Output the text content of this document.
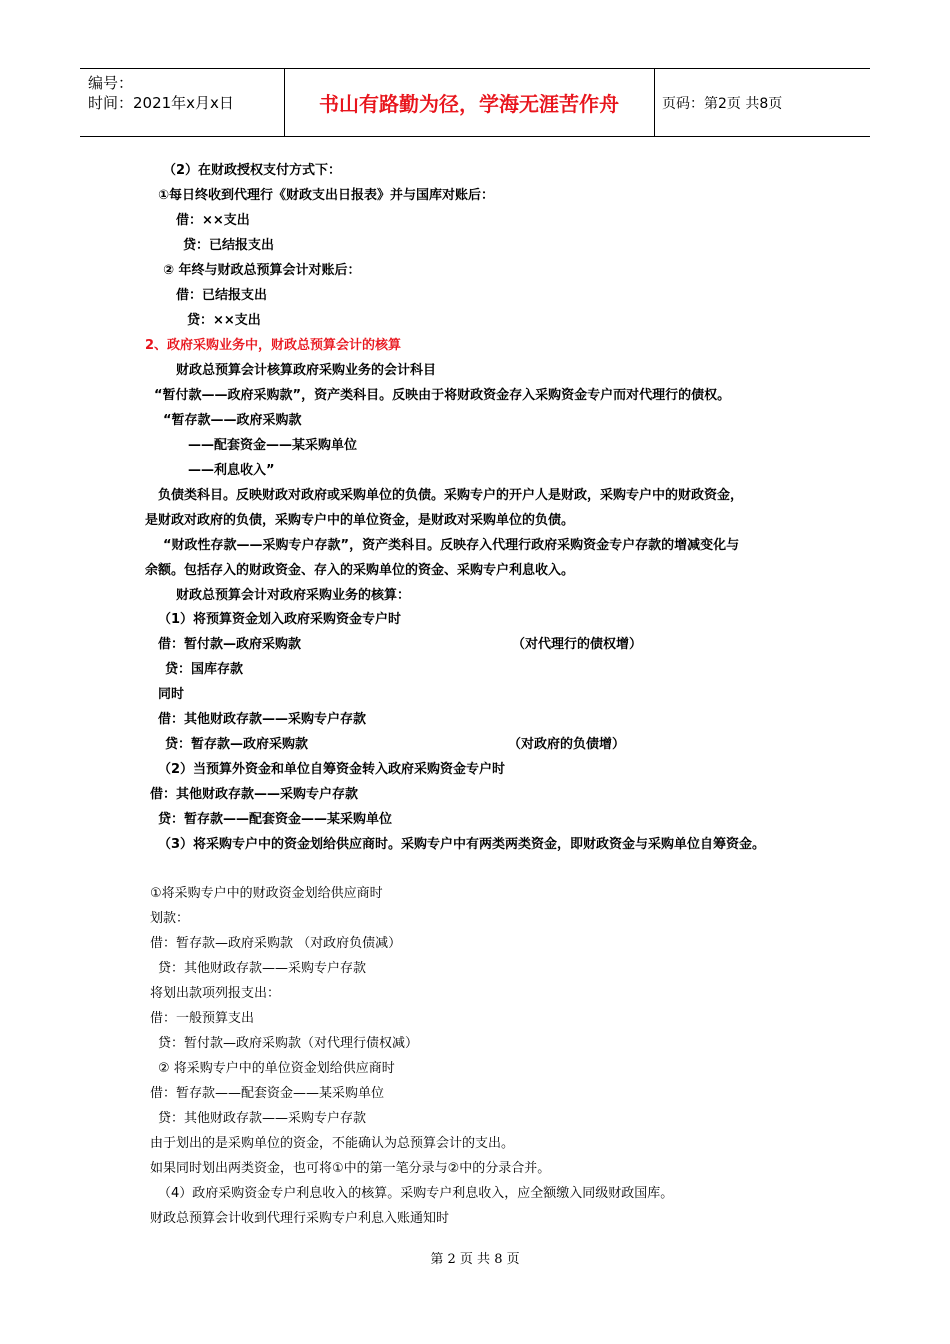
编号：
时间：2021年x月x日	书山有路勤为径，学海无涯苦作舟	页码：第2页 共8页
（2）在财政授权支付方式下：
①每日终收到代理行《财政支出日报表》并与国库对账后：
借：××支出
贷：已结报支出
② 年终与财政总预算会计对账后：
借：已结报支出
贷：××支出
2、政府采购业务中，财政总预算会计的核算
财政总预算会计核算政府采购业务的会计科目
“暂付款——政府采购款”，资产类科目。反映由于将财政资金存入采购资金专户而对代理行的债权。
“暂存款——政府采购款
——配套资金——某采购单位
——利息收入”
负债类科目。反映财政对政府或采购单位的负债。采购专户的开户人是财政，采购专户中的财政资金，
是财政对政府的负债，采购专户中的单位资金，是财政对采购单位的负债。
“财政性存款——采购专户存款”，资产类科目。反映存入代理行政府采购资金专户存款的增减变化与
余额。包括存入的财政资金、存入的采购单位的资金、采购专户利息收入。
财政总预算会计对政府采购业务的核算：
（1）将预算资金划入政府采购资金专户时
借：暂付款—政府采购款	（对代理行的债权增）
贷：国库存款
同时
借：其他财政存款——采购专户存款
贷：暂存款—政府采购款	（对政府的负债增）
（2）当预算外资金和单位自筹资金转入政府采购资金专户时
借：其他财政存款——采购专户存款
贷：暂存款——配套资金——某采购单位
（3）将采购专户中的资金划给供应商时。采购专户中有两类两类资金，即财政资金与采购单位自筹资金。
①将采购专户中的财政资金划给供应商时
划款：
借：暂存款—政府采购款 （对政府负债减）
贷：其他财政存款——采购专户存款
将划出款项列报支出：
借：一般预算支出
贷：暂付款—政府采购款（对代理行债权减）
② 将采购专户中的单位资金划给供应商时
借：暂存款——配套资金——某采购单位
贷：其他财政存款——采购专户存款
由于划出的是采购单位的资金，不能确认为总预算会计的支出。
如果同时划出两类资金，也可将①中的第一笔分录与②中的分录合并。
（4）政府采购资金专户利息收入的核算。采购专户利息收入，应全额缴入同级财政国库。
财政总预算会计收到代理行采购专户利息入账通知时
第 2 页 共 8 页
